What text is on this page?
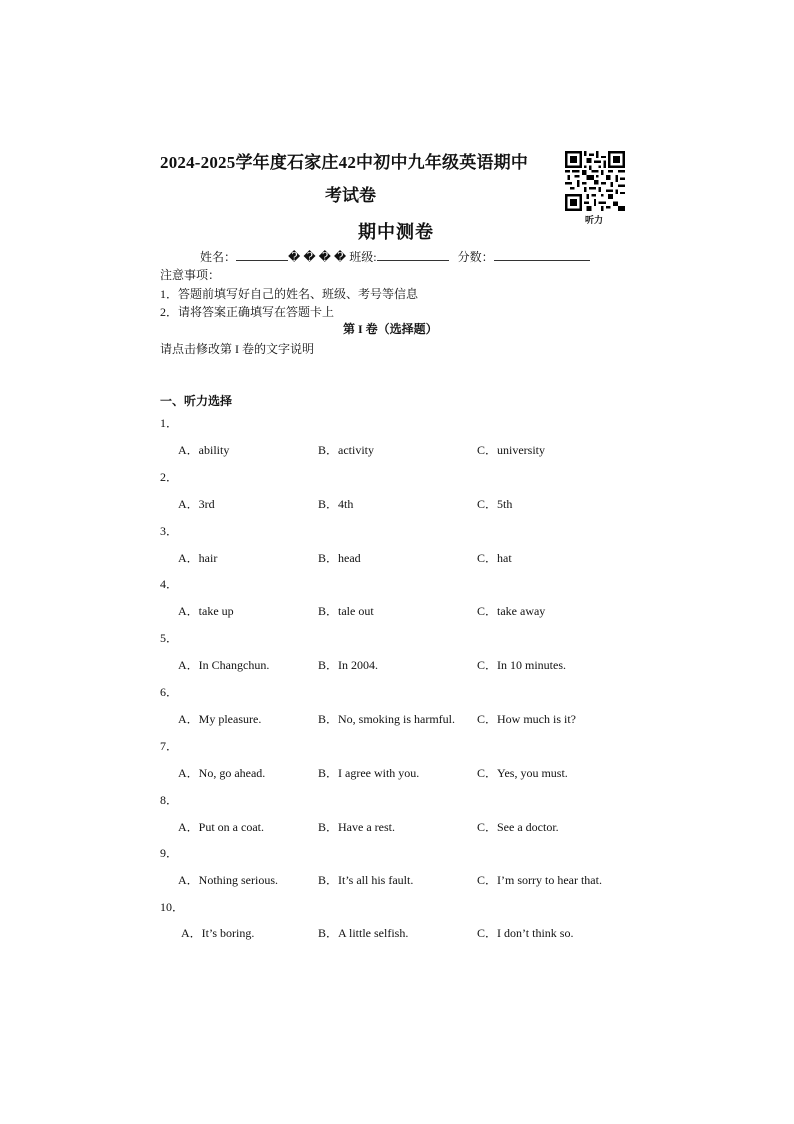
2024-2025学年度石家庄42中初中九年级英语期中
考试卷
听力
期中测卷
姓名：	� � � � 班级:	分数：
注意事项：
1．答题前填写好自己的姓名、班级、考号等信息
2．请将答案正确填写在答题卡上
第 I 卷（选择题）
请点击修改第 I 卷的文字说明
一、听力选择
1．
A．ability	B．activity	C．university
2．
A．3rd	B．4th	C．5th
3．
A．hair	B．head	C．hat
4．
A．take up	B．tale out	C．take away
5．
A．In Changchun.	B．In 2004.	C．In 10 minutes.
6．
A．My pleasure.	B．No, smoking is harmful. C．How much is it?
7．
A．No, go ahead.	B．I agree with you.	C．Yes, you must.
8．
A．Put on a coat.	B．Have a rest.	C．See a doctor.
9．
A．Nothing serious.	B．It’s all his fault.	C．I’m sorry to hear that.
10．
A．It’s boring.	B．A little selfish.	C．I don’t think so.
